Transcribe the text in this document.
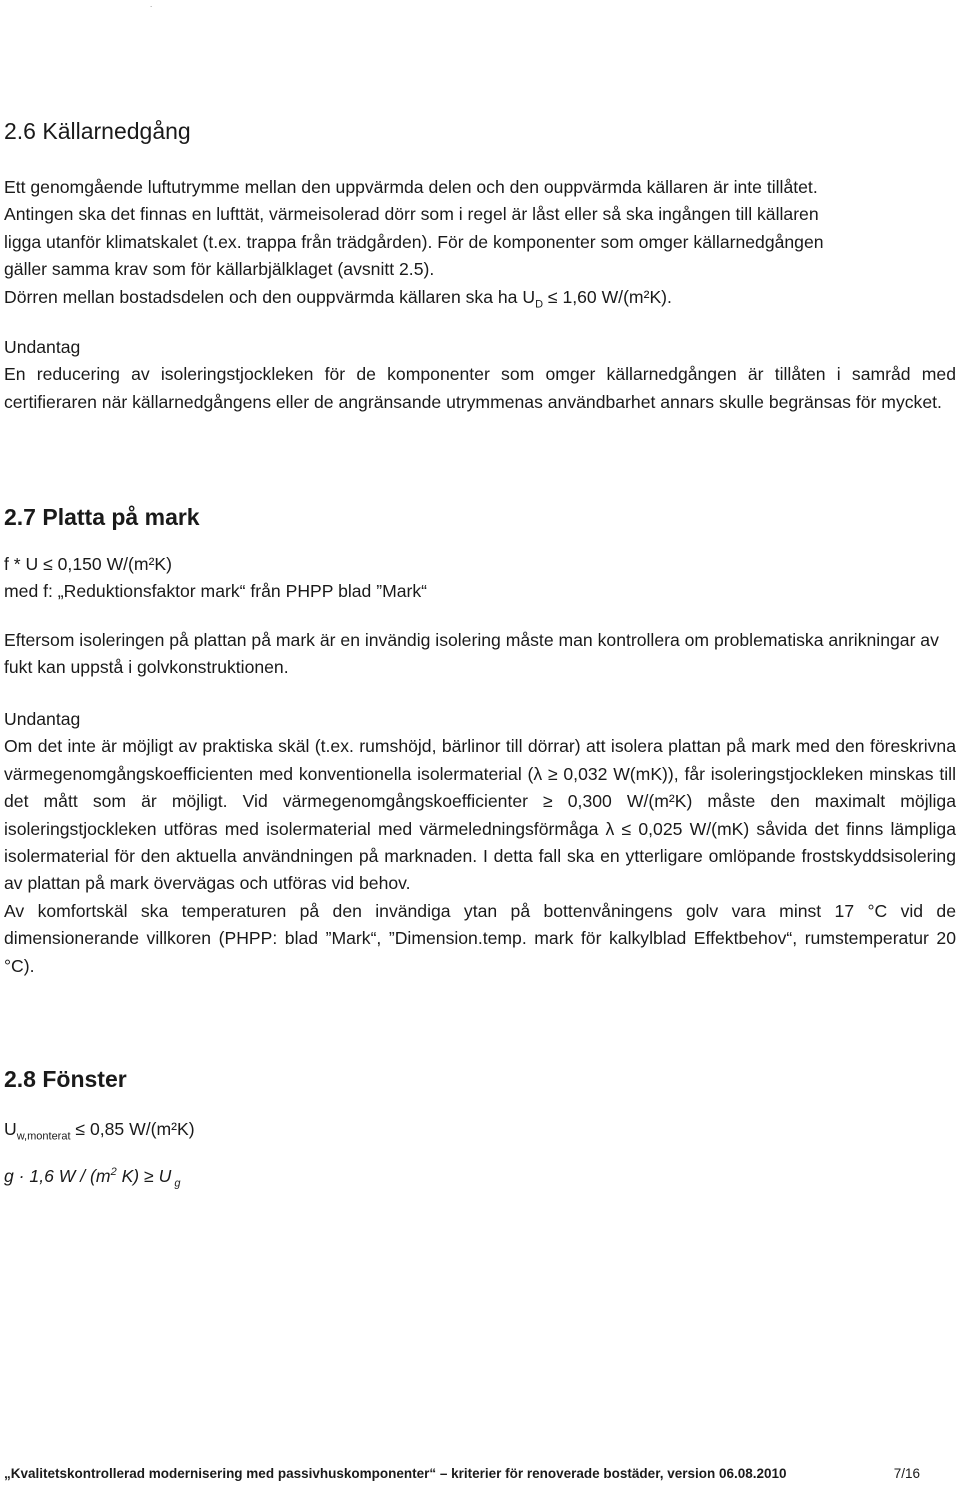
.
2.6 Källarnedgång

Ett genomgående luftutrymme mellan den uppvärmda delen och den ouppvärmda källaren är inte tillåtet.

Antingen ska det finnas en lufttät, värmeisolerad dörr som i regel är låst eller så ska ingången till källaren

ligga utanför klimatskalet (t.ex. trappa från trädgården). För de komponenter som omger källarnedgången

gäller samma krav som för källarbjälklaget (avsnitt 2.5).

Dörren mellan bostadsdelen och den ouppvärmda källaren ska ha $U_D \le 1,60$ W/(m²K).

Undantag

En reducering av isoleringstjockleken för de komponenter som omger källarnedgången är tillåten i samråd med certifieraren när källarnedgångens eller de angränsande utrymmenas användbarhet annars skulle begränsas för mycket.

2.7 Platta på mark

f * U ≤ 0,150 W/(m²K)

med f: „Reduktionsfaktor mark“ från PHPP blad ”Mark“

Eftersom isoleringen på plattan på mark är en invändig isolering måste man kontrollera om problematiska anrikningar av fukt kan uppstå i golvkonstruktionen.

Undantag

Om det inte är möjligt av praktiska skäl (t.ex. rumshöjd, bärlinor till dörrar) att isolera plattan på mark med den föreskrivna värmegenomgångskoefficienten med konventionella isolermaterial (λ ≥ 0,032 W(mK)), får isoleringstjockleken minskas till det mått som är möjligt. Vid värmegenomgångskoefficienter ≥ 0,300 W/(m²K) måste den maximalt möjliga isoleringstjockleken utföras med isolermaterial med värmeledningsförmåga λ ≤ 0,025 W/(mK) såvida det finns lämpliga isolermaterial för den aktuella användningen på marknaden. I detta fall ska en ytterligare omlöpande frostskyddsisolering av plattan på mark övervägas och utföras vid behov.

Av komfortskäl ska temperaturen på den invändiga ytan på bottenvåningens golv vara minst 17 °C vid de dimensionerande villkoren (PHPP: blad ”Mark“, ”Dimension.temp. mark för kalkylblad Effektbehov“, rumstemperatur 20 °C).

2.8 Fönster

$U_{w,monterat} \le 0,85$ W/(m²K)

g · 1,6 W / ($m^2$ K) ≥ U $_g$

„Kvalitetskontrollerad modernisering med passivhuskomponenter“ – kriterier för renoverade bostäder, version 06.08.2010	7/16
